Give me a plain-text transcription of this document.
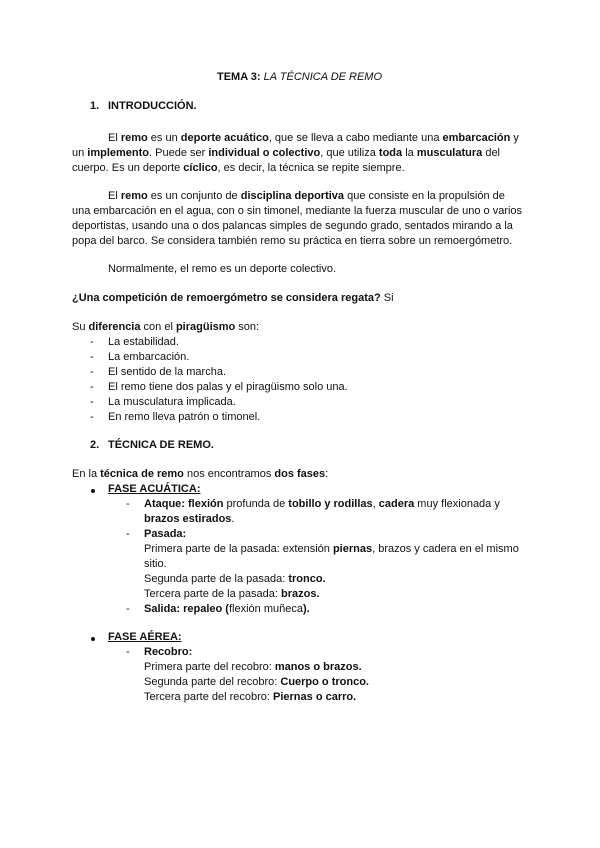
TEMA 3: LA TÉCNICA DE REMO
1. INTRODUCCIÓN.
El remo es un deporte acuático, que se lleva a cabo mediante una embarcación y
un implemento. Puede ser individual o colectivo, que utiliza toda la musculatura del
cuerpo. Es un deporte cíclico, es decir, la técnica se repite siempre.
El remo es un conjunto de disciplina deportiva que consiste en la propulsión de
una embarcación en el agua, con o sin timonel, mediante la fuerza muscular de uno o varios
deportistas, usando una o dos palancas simples de segundo grado, sentados mirando a la
popa del barco. Se considera también remo su práctica en tierra sobre un remoergómetro.
Normalmente, el remo es un deporte colectivo.
¿Una competición de remoergómetro se considera regata? Si
Su diferencia con el piragüismo son:
- La estabilidad.
- La embarcación.
- El sentido de la marcha.
- El remo tiene dos palas y el piragüismo solo una.
- La musculatura implicada.
- En remo lleva patrón o timonel.
2. TÉCNICA DE REMO.
En la técnica de remo nos encontramos dos fases:
FASE ACUÁTICA:
- Ataque: flexión profunda de tobillo y rodillas, cadera muy flexionada y
brazos estirados.
- Pasada:
Primera parte de la pasada: extensión piernas, brazos y cadera en el mismo
sitio.
Segunda parte de la pasada: tronco.
Tercera parte de la pasada: brazos.
- Salida: repaleo (flexión muñeca).
FASE AÉREA:
- Recobro:
Primera parte del recobro: manos o brazos.
Segunda parte del recobro: Cuerpo o tronco.
Tercera parte del recobro: Piernas o carro.
